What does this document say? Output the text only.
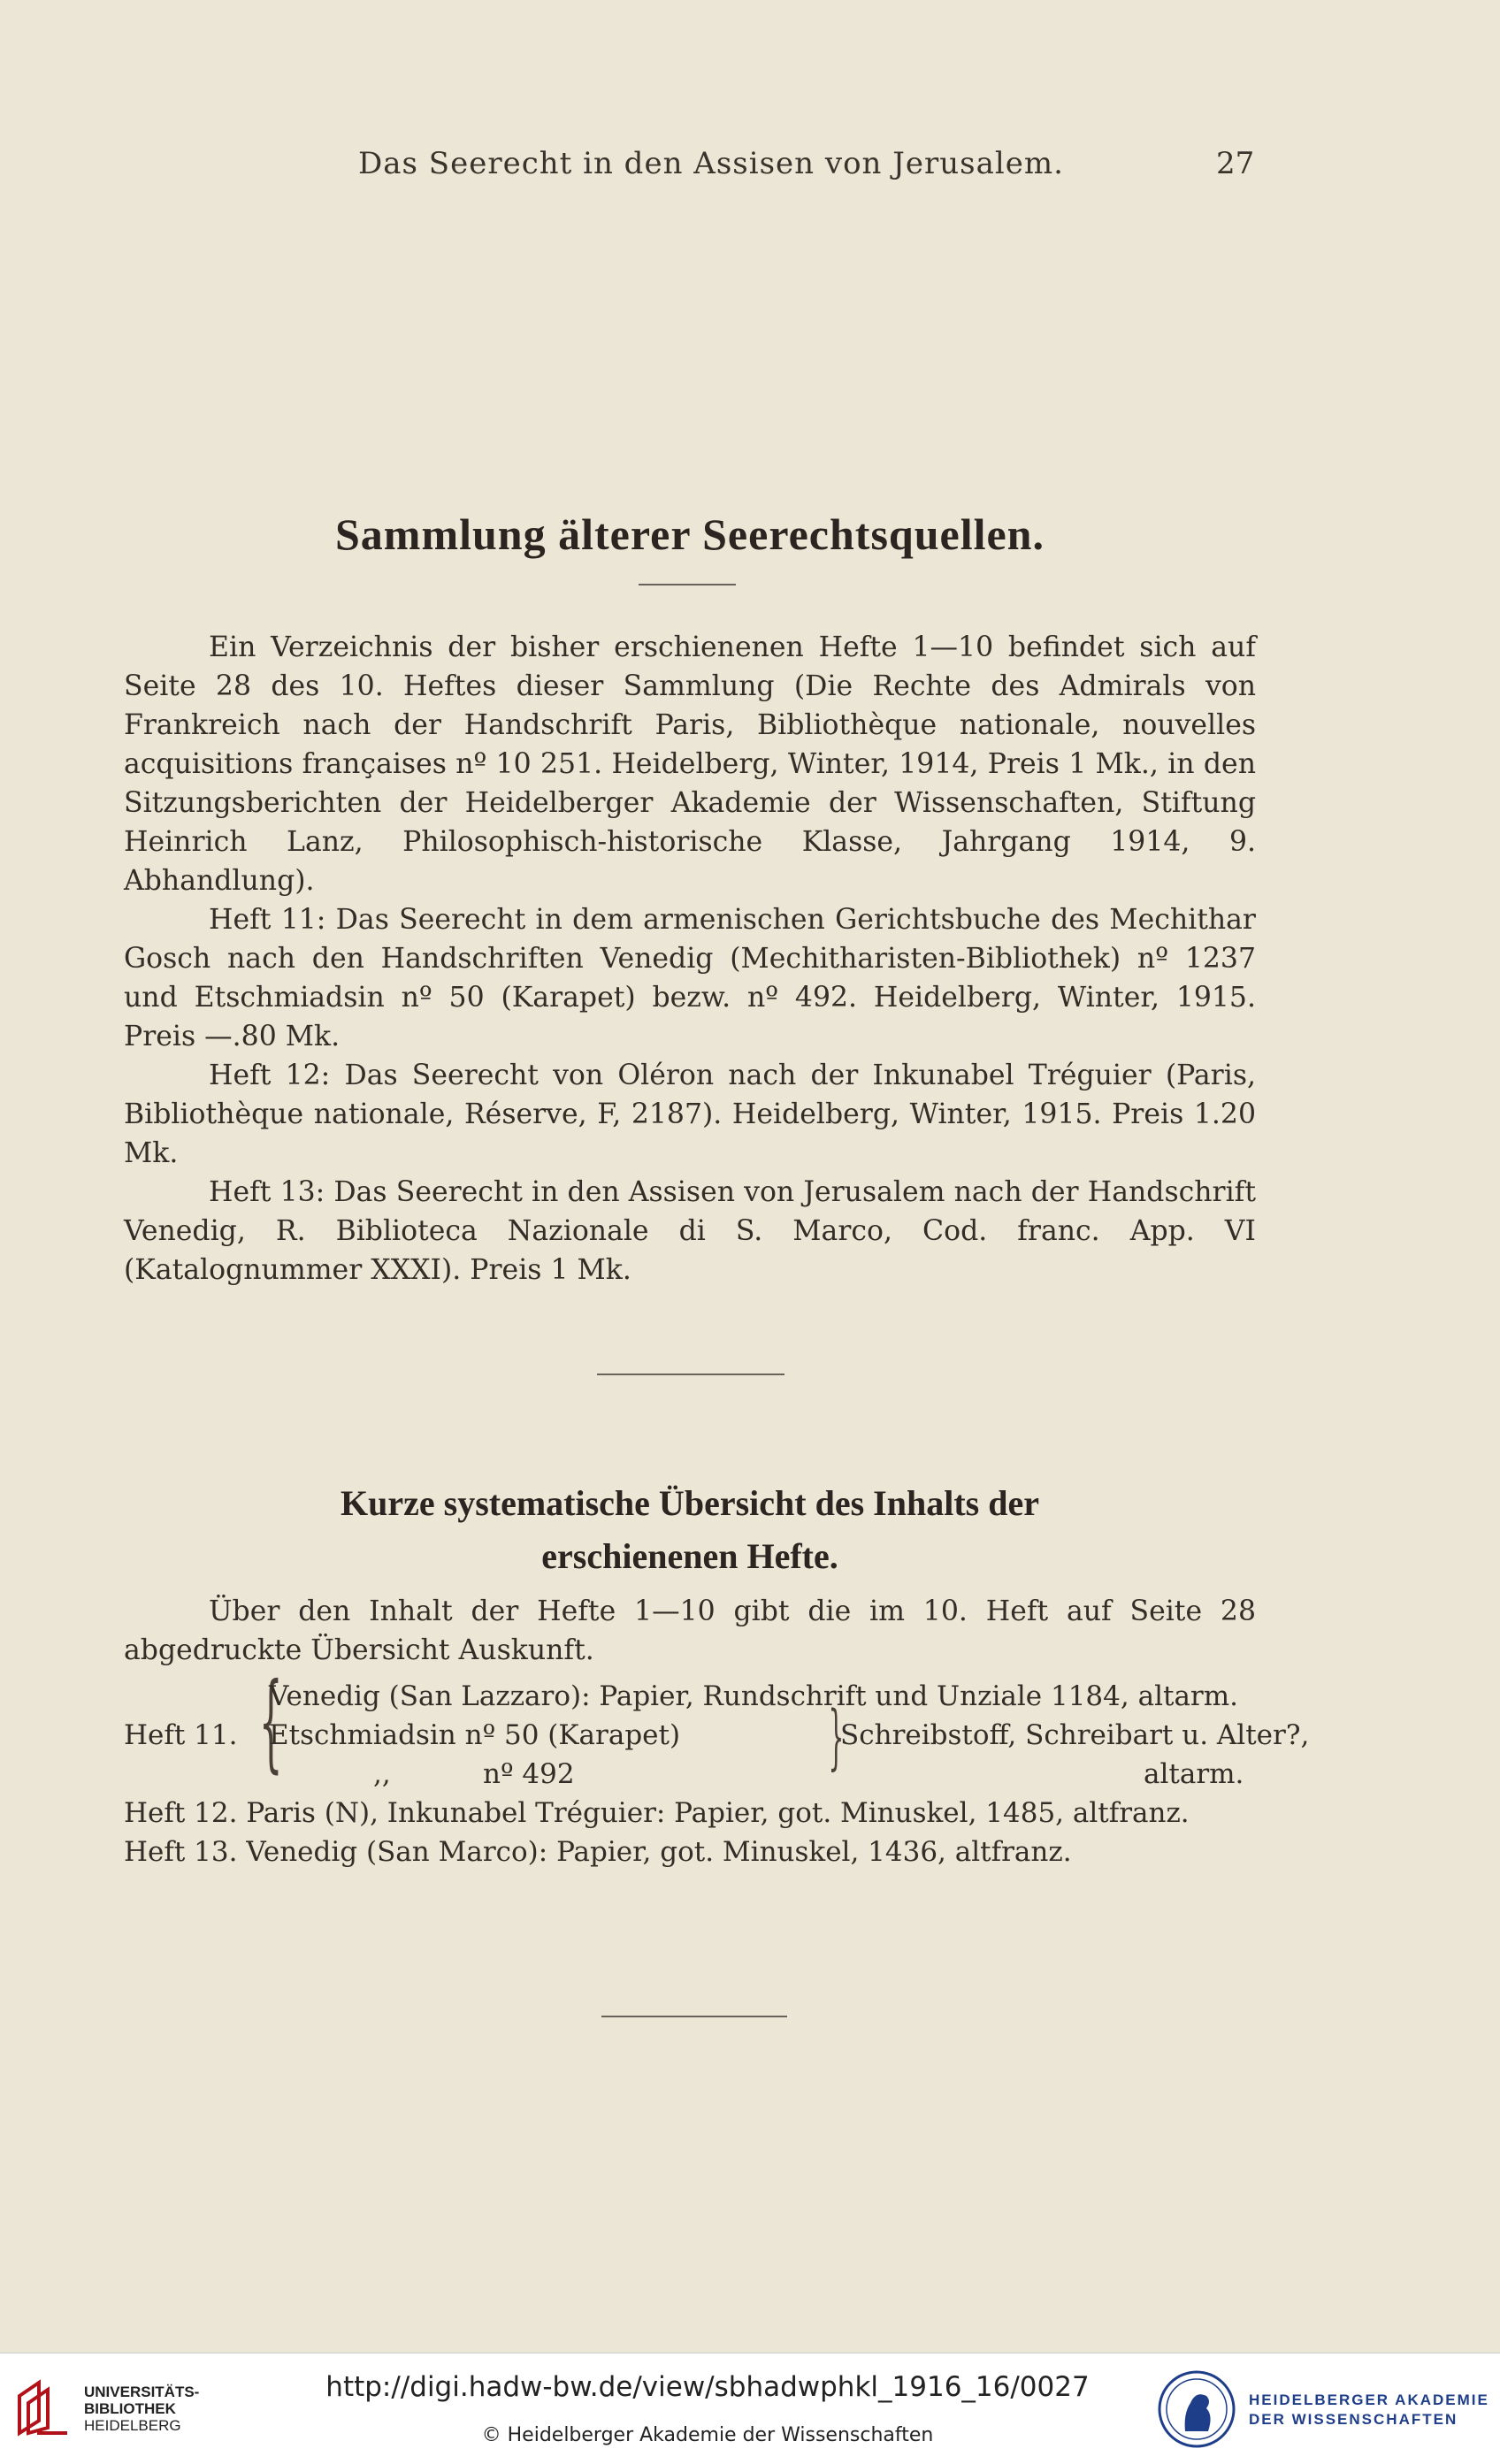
Das Seerecht in den Assisen von Jerusalem.	27
Sammlung älterer Seerechtsquellen.

Ein Verzeichnis der bisher erschienenen Hefte 1—10 befindet sich auf Seite 28 des 10. Heftes dieser Sammlung (Die Rechte des Admirals von Frankreich nach der Handschrift Paris, Bibliothèque nationale, nouvelles acquisitions françaises nº 10 251. Heidelberg, Winter, 1914, Preis 1 Mk., in den Sitzungsberichten der Heidelberger Akademie der Wissenschaften, Stiftung Heinrich Lanz, Philosophisch-historische Klasse, Jahrgang 1914, 9. Abhandlung).

Heft 11: Das Seerecht in dem armenischen Gerichtsbuche des Mechithar Gosch nach den Handschriften Venedig (Mechitharisten-Bibliothek) nº 1237 und Etschmiadsin nº 50 (Karapet) bezw. nº 492. Heidelberg, Winter, 1915. Preis —.80 Mk.

Heft 12: Das Seerecht von Oléron nach der Inkunabel Tréguier (Paris, Bibliothèque nationale, Réserve, F, 2187). Heidelberg, Winter, 1915. Preis 1.20 Mk.

Heft 13: Das Seerecht in den Assisen von Jerusalem nach der Handschrift Venedig, R. Biblioteca Nazionale di S. Marco, Cod. franc. App. VI (Katalognummer XXXI). Preis 1 Mk.

Kurze systematische Übersicht des Inhalts der
erschienenen Hefte.

Über den Inhalt der Hefte 1—10 gibt die im 10. Heft auf Seite 28 abgedruckte Übersicht Auskunft.

Heft 11. {
Venedig (San Lazzaro): Papier, Rundschrift und Unziale 1184, altarm.
Etschmiadsin nº 50 (Karapet) }
Schreibstoff, Schreibart u. Alter?,
,,	nº 492	altarm.
Heft 12. Paris (N), Inkunabel Tréguier: Papier, got. Minuskel, 1485, altfranz.
Heft 13. Venedig (San Marco): Papier, got. Minuskel, 1436, altfranz.
UNIVERSITÄTS-
BIBLIOTHEK
HEIDELBERG
http://digi.hadw-bw.de/view/sbhadwphkl_1916_16/0027
© Heidelberger Akademie der Wissenschaften
HEIDELBERGER AKADEMIE
DER WISSENSCHAFTEN
